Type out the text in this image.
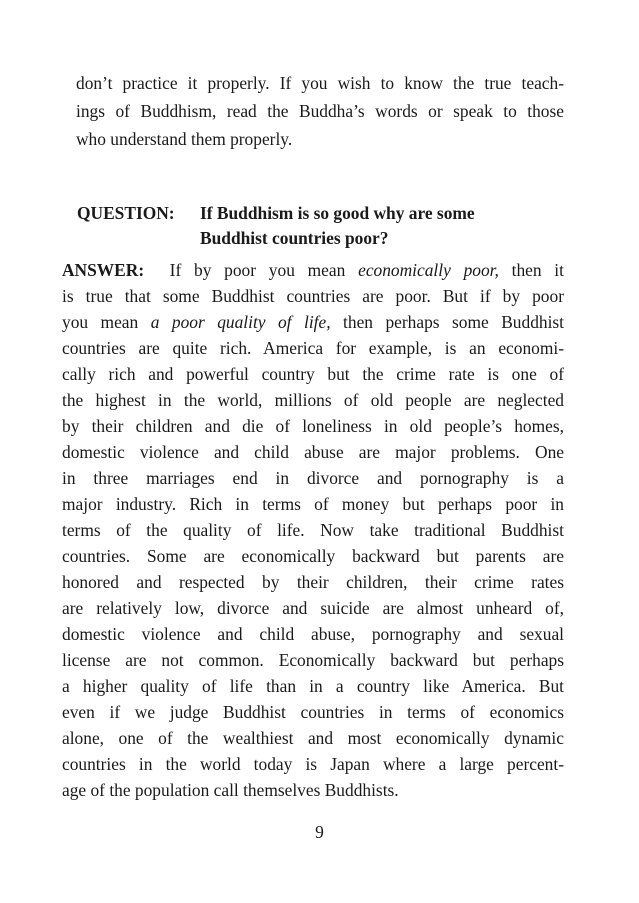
don’t practice it properly. If you wish to know the true teach-
ings of Buddhism, read the Buddha’s words or speak to those
who understand them properly.
QUESTION: If Buddhism is so good why are some
Buddhist countries poor?
ANSWER: If by poor you mean economically poor, then it
is true that some Buddhist countries are poor. But if by poor
you mean a poor quality of life, then perhaps some Buddhist
countries are quite rich. America for example, is an economi-
cally rich and powerful country but the crime rate is one of
the highest in the world, millions of old people are neglected
by their children and die of loneliness in old people’s homes,
domestic violence and child abuse are major problems. One
in three marriages end in divorce and pornography is a
major industry. Rich in terms of money but perhaps poor in
terms of the quality of life. Now take traditional Buddhist
countries. Some are economically backward but parents are
honored and respected by their children, their crime rates
are relatively low, divorce and suicide are almost unheard of,
domestic violence and child abuse, pornography and sexual
license are not common. Economically backward but perhaps
a higher quality of life than in a country like America. But
even if we judge Buddhist countries in terms of economics
alone, one of the wealthiest and most economically dynamic
countries in the world today is Japan where a large percent-
age of the population call themselves Buddhists.
9
